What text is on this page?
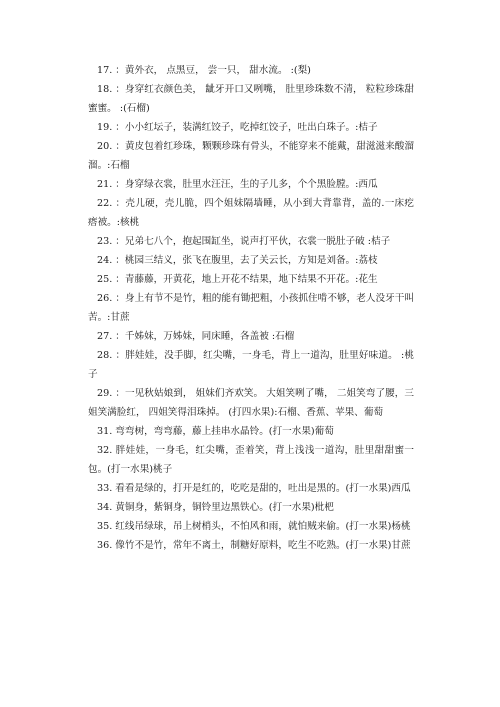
17. ：黄外衣， 点黑豆， 尝一只， 甜水流。 :(梨)

18. ：身穿红衣颜色美， 龇牙开口又咧嘴， 肚里珍珠数不清， 粒粒珍珠甜蜜蜜。 :(石榴)

19. ：小小红坛子，装满红饺子，吃掉红饺子，吐出白珠子。:桔子

20. ：黄皮包着红珍珠，颗颗珍珠有骨头，不能穿来不能戴，甜滋滋来酸溜溜。:石榴

21. ：身穿绿衣裳，肚里水汪汪，生的子儿多，个个黑脸膛。:西瓜

22. ：壳儿硬，壳儿脆，四个姐妹隔墙睡，从小到大背靠背，盖的.一床疙瘩被。:核桃

23. ：兄弟七八个，抱起围缸坐，说声打平伙，衣裳一脱肚子破 :桔子

24. ：桃园三结义，张飞在腹里，去了关云长，方知是刘备。:荔枝

25. ：青藤藤，开黄花，地上开花不结果，地下结果不开花。:花生

26. ：身上有节不是竹，粗的能有锄把粗，小孩抓住啃不够，老人没牙干叫苦。:甘蔗

27. ：千姊妹，万姊妹，同床睡，各盖被 :石榴

28. ：胖娃娃，没手脚，红尖嘴，一身毛，背上一道沟，肚里好味道。 :桃子

29. ：一见秋姑娘到， 姐妹们齐欢笑。 大姐笑咧了嘴， 二姐笑弯了腰，三姐笑满脸红， 四姐笑得泪珠掉。 (打四水果):石榴、香蕉、苹果、葡萄

31. 弯弯树，弯弯藤，藤上挂串水晶铃。(打一水果)葡萄

32. 胖娃娃，一身毛，红尖嘴，歪着笑，背上浅浅一道沟，肚里甜甜蜜一包。(打一水果)桃子

33. 看看是绿的，打开是红的，吃吃是甜的，吐出是黑的。(打一水果)西瓜

34. 黄铜身，紫铜身，铜铃里边黑铁心。(打一水果)枇杷

35. 红线吊绿球，吊上树梢头，不怕风和雨，就怕贼来偷。(打一水果)杨桃

36. 像竹不是竹，常年不离土，制糖好原料，吃生不吃熟。(打一水果)甘蔗
